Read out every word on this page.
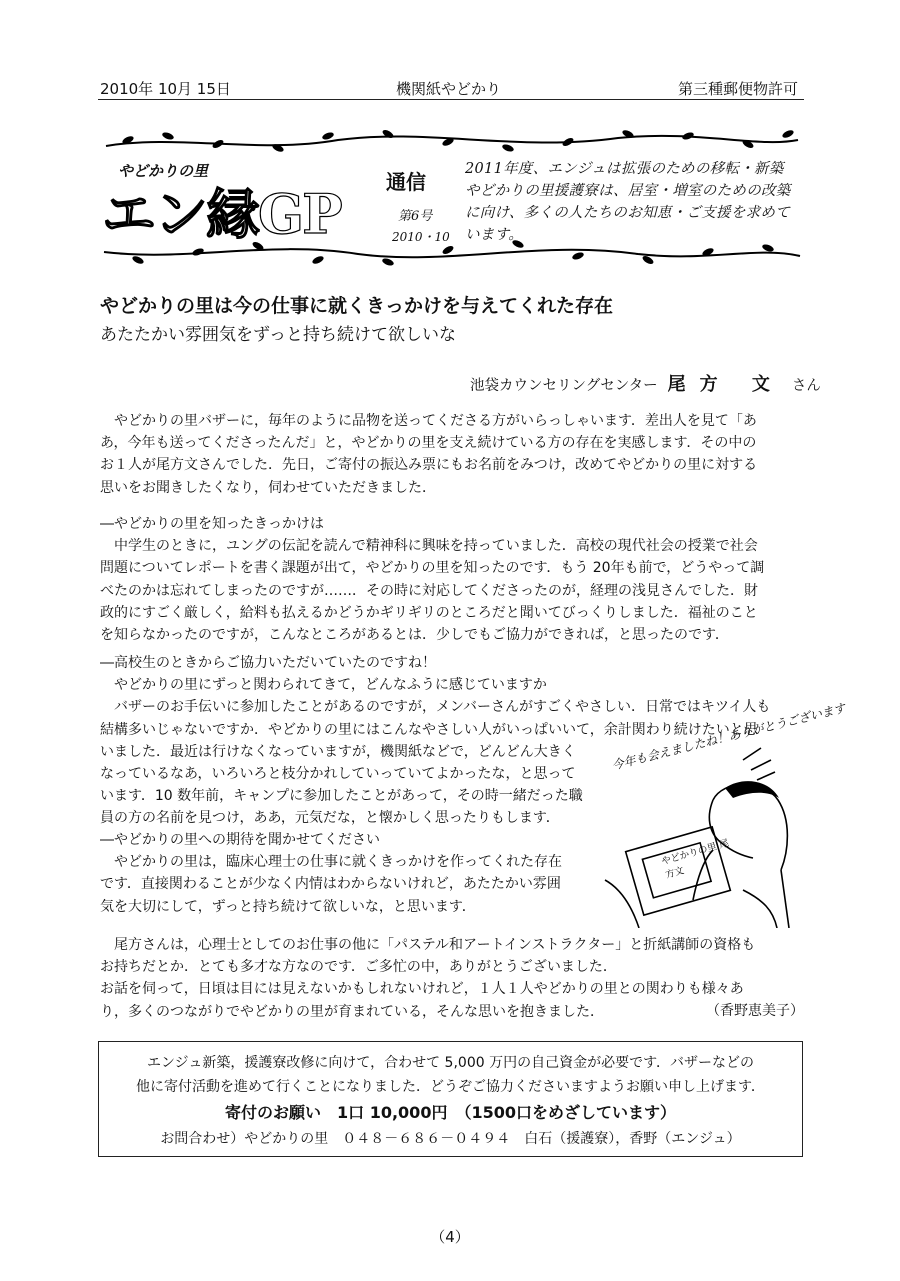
2010年 10月 15日	機関紙やどかり	第三種郵便物許可
やどかりの里
エン縁GP 通信
第6号
2010・10
2011年度、エンジュは拡張のための移転・新築
やどかりの里援護寮は、居室・増室のための改築
に向け、多くの人たちのお知恵・ご支援を求めています。
やどかりの里は今の仕事に就くきっかけを与えてくれた存在
あたたかい雰囲気をずっと持ち続けて欲しいな
池袋カウンセリングセンター 尾方 文 さん

やどかりの里バザーに，毎年のように品物を送ってくださる方がいらっしゃいます．差出人を見て「あ

あ，今年も送ってくださったんだ」と，やどかりの里を支え続けている方の存在を実感します．その中の

お１人が尾方文さんでした．先日，ご寄付の振込み票にもお名前をみつけ，改めてやどかりの里に対する

思いをお聞きしたくなり，伺わせていただきました．

―やどかりの里を知ったきっかけは

中学生のときに，ユングの伝記を読んで精神科に興味を持っていました．高校の現代社会の授業で社会

問題についてレポートを書く課題が出て，やどかりの里を知ったのです．もう 20年も前で，どうやって調

べたのかは忘れてしまったのですが……．その時に対応してくださったのが，経理の浅見さんでした．財

政的にすごく厳しく，給料も払えるかどうかギリギリのところだと聞いてびっくりしました．福祉のこと

を知らなかったのですが，こんなところがあるとは．少しでもご協力ができれば，と思ったのです．

―高校生のときからご協力いただいていたのですね！

やどかりの里にずっと関わられてきて，どんなふうに感じていますか

バザーのお手伝いに参加したことがあるのですが，メンバーさんがすごくやさしい．日常ではキツイ人も

結構多いじゃないですか．やどかりの里にはこんなやさしい人がいっぱいいて，余計関わり続けたいと思

いました．最近は行けなくなっていますが，機関紙などで，どんどん大きく

なっているなあ，いろいろと枝分かれしていっていてよかったな，と思って

います．10 数年前，キャンプに参加したことがあって，その時一緒だった職

員の方の名前を見つけ，ああ，元気だな，と懐かしく思ったりもします．

―やどかりの里への期待を聞かせてください

やどかりの里は，臨床心理士の仕事に就くきっかけを作ってくれた存在

です．直接関わることが少なく内情はわからないけれど，あたたかい雰囲

気を大切にして，ずっと持ち続けて欲しいな，と思います．

今年も会えましたね！ありがとうございます
やどかりの里 尾方文

尾方さんは，心理士としてのお仕事の他に「パステル和アートインストラクター」と折紙講師の資格も

お持ちだとか．とても多才な方なのです．ご多忙の中，ありがとうございました．

お話を伺って，日頃は目には見えないかもしれないけれど，１人１人やどかりの里との関わりも様々あ

り，多くのつながりでやどかりの里が育まれている，そんな思いを抱きました．	（香野恵美子）
エンジュ新築，援護寮改修に向けて，合わせて 5,000 万円の自己資金が必要です．バザーなどの
他に寄付活動を進めて行くことになりました．どうぞご協力くださいますようお願い申し上げます．
寄付のお願い　1口 10,000円　（1500口をめざしています）
お問合わせ）やどかりの里　０４８－６８６－０４９４　白石（援護寮），香野（エンジュ）
（4）
